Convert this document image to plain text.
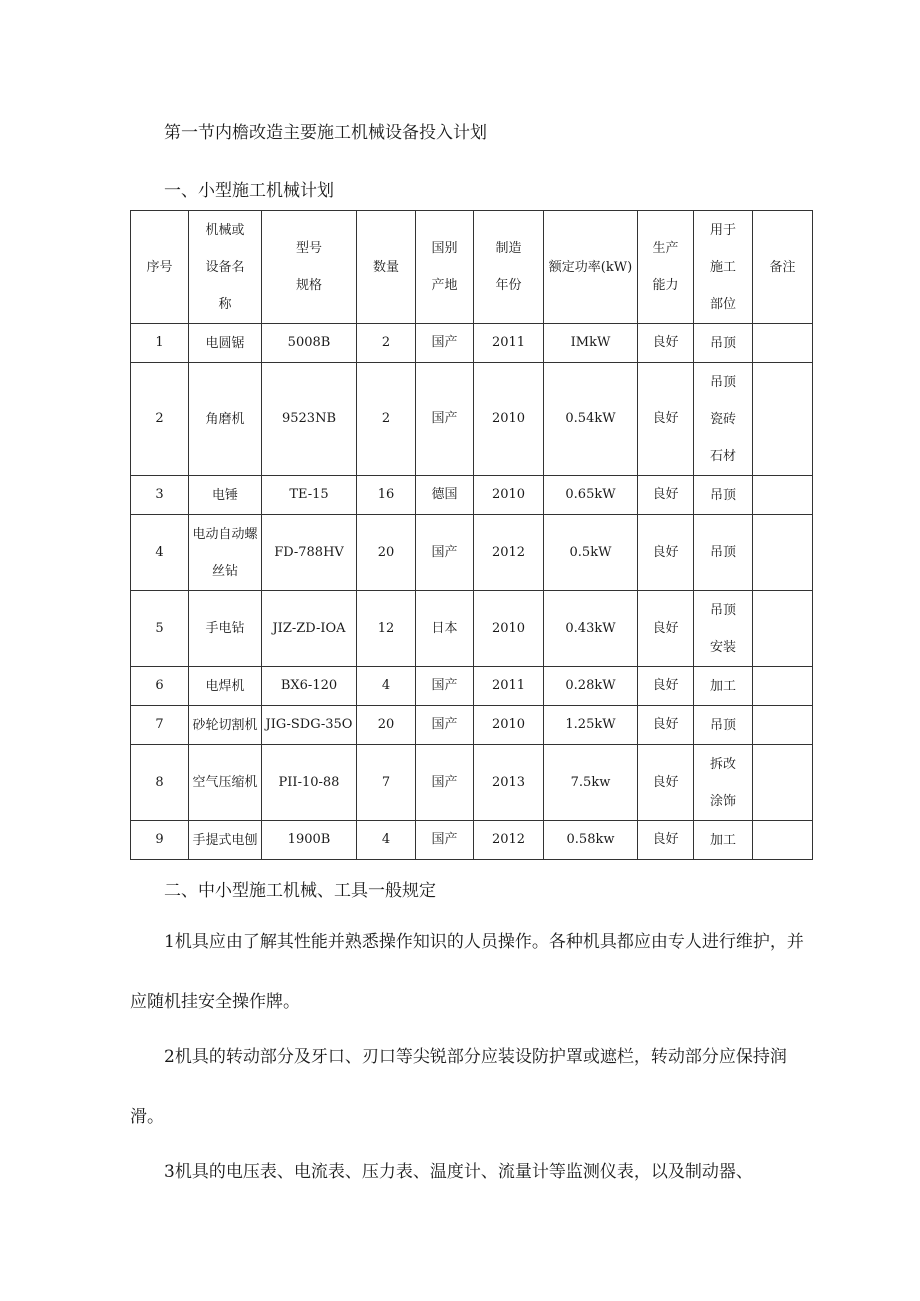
第一节内檐改造主要施工机械设备投入计划
一、小型施工机械计划
序号	机械或
设备名
称	型号
规格	数量	国别
产地	制造
年份	额定功率(kW)	生产
能力	用于
施工
部位	备注

1	电圆锯	5008B	2	国产	2011	IMkW	良好	吊顶	

2	角磨机	9523NB	2	国产	2010	0.54kW	良好	吊顶
瓷砖
石材	

3	电锤	TE-15	16	德国	2010	0.65kW	良好	吊顶	

4	电动自动螺
丝钻	FD-788HV	20	国产	2012	0.5kW	良好	吊顶	

5	手电钻	JIZ-ZD-IOA	12	日本	2010	0.43kW	良好	吊顶
安装	

6	电焊机	BX6-120	4	国产	2011	0.28kW	良好	加工	

7	砂轮切割机	JIG-SDG-35O	20	国产	2010	1.25kW	良好	吊顶	

8	空气压缩机	PII-10-88	7	国产	2013	7.5kw	良好	拆改
涂饰	

9	手提式电刨	1900B	4	国产	2012	0.58kw	良好	加工	

二、中小型施工机械、工具一般规定

1机具应由了解其性能并熟悉操作知识的人员操作。各种机具都应由专人进行维护，并应随机挂安全操作牌。

2机具的转动部分及牙口、刃口等尖锐部分应装设防护罩或遮栏，转动部分应保持润滑。

3机具的电压表、电流表、压力表、温度计、流量计等监测仪表，以及制动器、
